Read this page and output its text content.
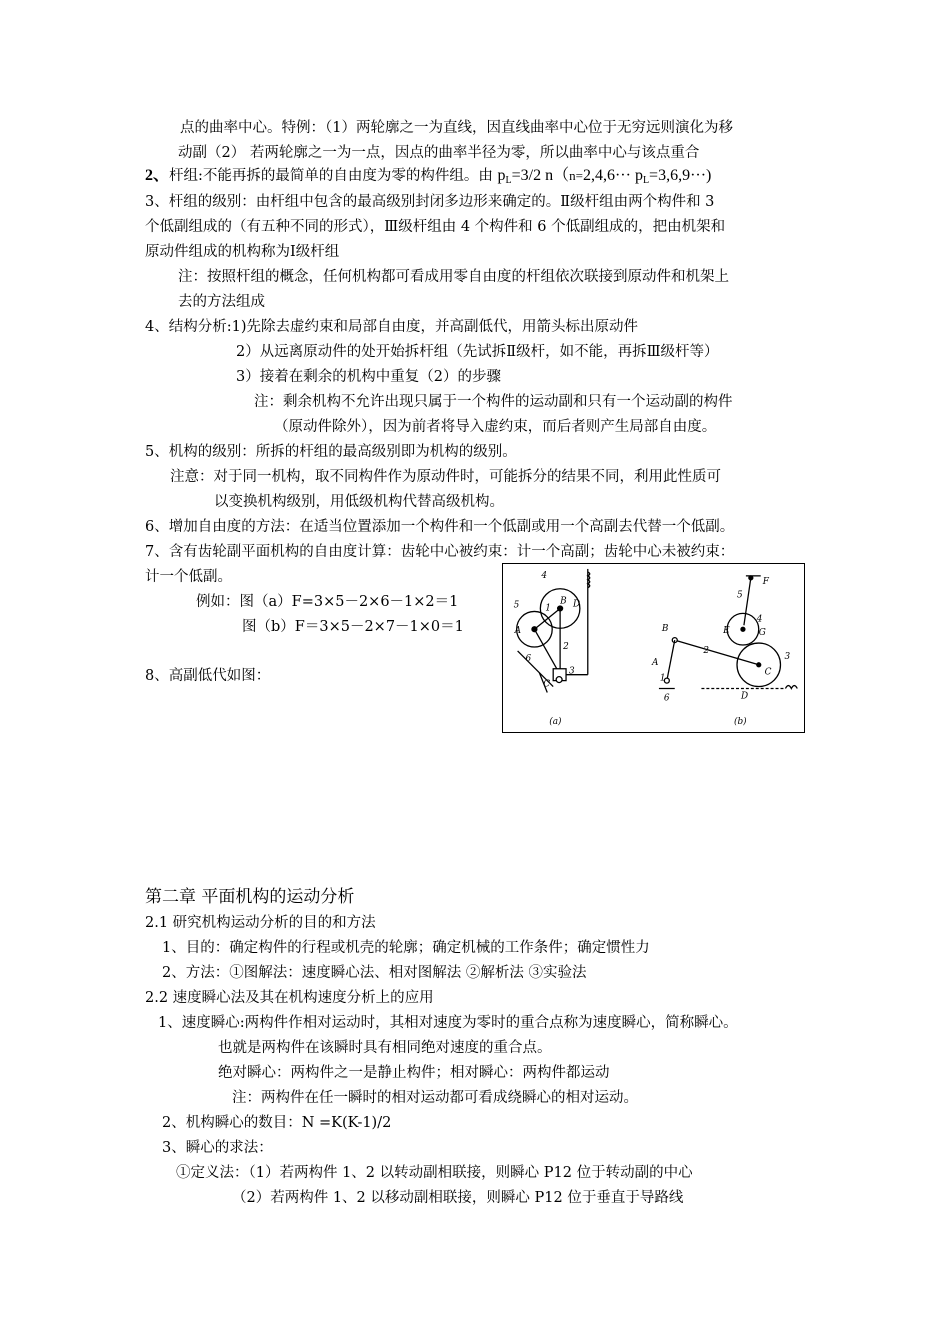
点的曲率中心。特例：（1）两轮廓之一为直线，因直线曲率中心位于无穷远则演化为移
动副（2） 若两轮廓之一为一点，因点的曲率半径为零，所以曲率中心与该点重合
2、杆组:不能再拆的最简单的自由度为零的构件组。由 $p_L=3/2$ $n(n=2,4,6\cdot\cdot\cdot p_L=3,6,9\cdot\cdot\cdot)$
3、杆组的级别：由杆组中包含的最高级别封闭多边形来确定的。Ⅱ级杆组由两个构件和 3
个低副组成的（有五种不同的形式），Ⅲ级杆组由 4 个构件和 6 个低副组成的，把由机架和
原动件组成的机构称为Ⅰ级杆组
注：按照杆组的概念，任何机构都可看成用零自由度的杆组依次联接到原动件和机架上
去的方法组成
4、结构分析:1)先除去虚约束和局部自由度，并高副低代，用箭头标出原动件
2）从远离原动件的处开始拆杆组（先试拆Ⅱ级杆，如不能，再拆Ⅲ级杆等）
3）接着在剩余的机构中重复（2）的步骤
注：剩余机构不允许出现只属于一个构件的运动副和只有一个运动副的构件
（原动件除外），因为前者将导入虚约束，而后者则产生局部自由度。
5、机构的级别：所拆的杆组的最高级别即为机构的级别。
注意：对于同一机构，取不同构件作为原动件时，可能拆分的结果不同，利用此性质可
以变换机构级别，用低级机构代替高级机构。
6、增加自由度的方法：在适当位置添加一个构件和一个低副或用一个高副去代替一个低副。
7、含有齿轮副平面机构的自由度计算：齿轮中心被约束：计一个高副；齿轮中心未被约束：
计一个低副。
例如：图（a）F=3×5－2×6－1×2＝1
图（b）F＝3×5－2×7－1×0＝1
8、高副低代如图：
4
5	1
B D
A
2
6
3
C
(a)
F
5
4
E	G
B
2
3
C
A
1
6	D
(b)
第二章 平面机构的运动分析
2.1 研究机构运动分析的目的和方法
1、目的：确定构件的行程或机壳的轮廓；确定机械的工作条件；确定惯性力
2、方法：①图解法：速度瞬心法、相对图解法 ②解析法 ③实验法
2.2 速度瞬心法及其在机构速度分析上的应用
1、速度瞬心:两构件作相对运动时，其相对速度为零时的重合点称为速度瞬心，简称瞬心。
也就是两构件在该瞬时具有相同绝对速度的重合点。
绝对瞬心：两构件之一是静止构件；相对瞬心：两构件都运动
注：两构件在任一瞬时的相对运动都可看成绕瞬心的相对运动。
2、机构瞬心的数目：N =K(K-1)/2
3、瞬心的求法：
①定义法：（1）若两构件 1、2 以转动副相联接，则瞬心 P12 位于转动副的中心
（2）若两构件 1、2 以移动副相联接，则瞬心 P12 位于垂直于导路线
